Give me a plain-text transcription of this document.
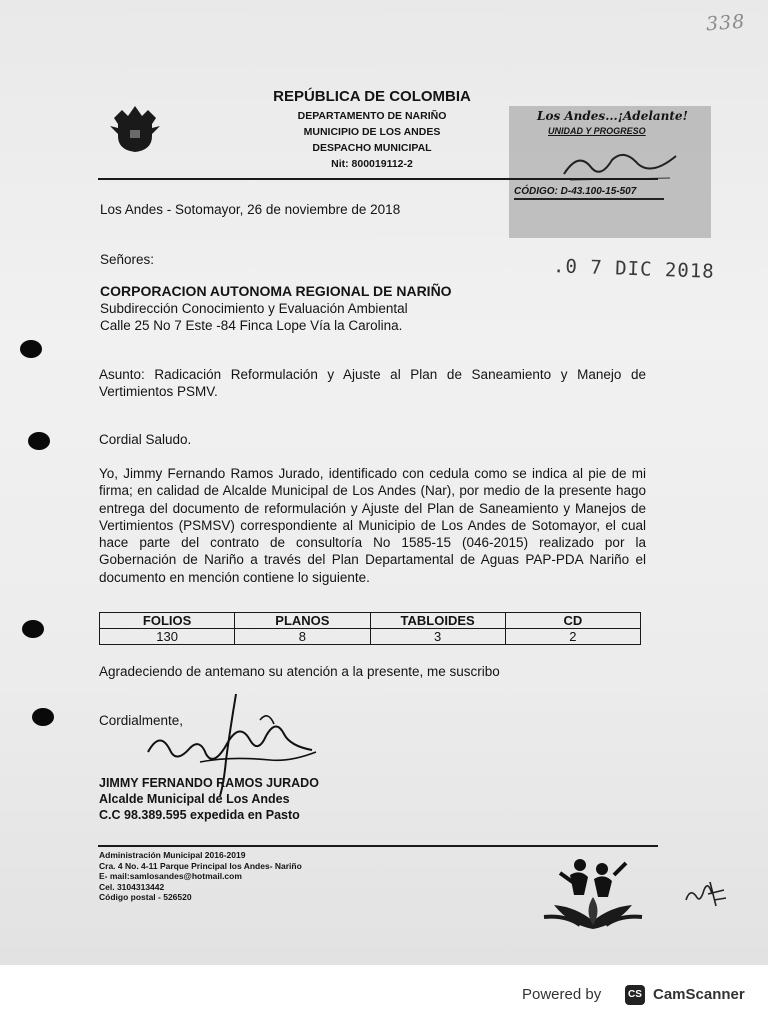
338
REPÚBLICA DE COLOMBIA
DEPARTAMENTO DE NARIÑO
MUNICIPIO DE LOS ANDES
DESPACHO MUNICIPAL
Nit: 800019112-2
Los Andes...¡Adelante!
UNIDAD Y PROGRESO
CÓDIGO: D-43.100-15-507
.0 7 DIC 2018
Los Andes - Sotomayor, 26 de noviembre de 2018
Señores:
CORPORACION AUTONOMA REGIONAL DE NARIÑO
Subdirección Conocimiento y Evaluación Ambiental
Calle 25 No 7 Este -84 Finca Lope Vía la Carolina.
Asunto: Radicación Reformulación y Ajuste al Plan de Saneamiento y Manejo de Vertimientos PSMV.
Cordial Saludo.
Yo, Jimmy Fernando Ramos Jurado, identificado con cedula como se indica al pie de mi firma; en calidad de Alcalde Municipal de Los Andes (Nar), por medio de la presente hago entrega del documento de reformulación y Ajuste del Plan de Saneamiento y Manejos de Vertimientos (PSMSV) correspondiente al Municipio de Los Andes de Sotomayor, el cual hace parte del contrato de consultoría No 1585-15 (046-2015) realizado por la Gobernación de Nariño a través del Plan Departamental de Aguas PAP-PDA Nariño el documento en mención contiene lo siguiente.
FOLIOS	PLANOS	TABLOIDES	CD
130	8	3	2
Agradeciendo de antemano su atención a la presente, me suscribo
Cordialmente,
JIMMY FERNANDO RAMOS JURADO
Alcalde Municipal de Los Andes
C.C 98.389.595 expedida en Pasto
Administración Municipal 2016-2019
Cra. 4 No. 4-11 Parque Principal los Andes- Nariño
E- mail:samlosandes@hotmail.com
Cel. 3104313442
Código postal - 526520
Powered by	CS CamScanner
